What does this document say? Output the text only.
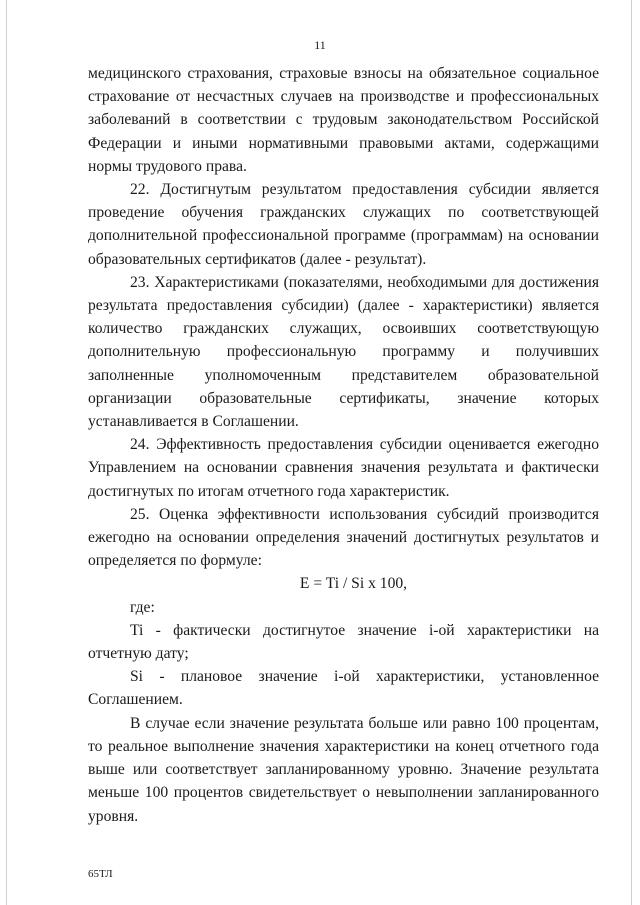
11

медицинского страхования, страховые взносы на обязательное социальное страхование от несчастных случаев на производстве и профессиональных заболеваний в соответствии с трудовым законодательством Российской Федерации и иными нормативными правовыми актами, содержащими нормы трудового права.

22. Достигнутым результатом предоставления субсидии является проведение обучения гражданских служащих по соответствующей дополнительной профессиональной программе (программам) на основании образовательных сертификатов (далее - результат).

23. Характеристиками (показателями, необходимыми для достижения результата предоставления субсидии) (далее - характеристики) является количество гражданских служащих, освоивших соответствующую дополнительную профессиональную программу и получивших заполненные уполномоченным представителем образовательной организации образовательные сертификаты, значение которых устанавливается в Соглашении.

24. Эффективность предоставления субсидии оценивается ежегодно Управлением на основании сравнения значения результата и фактически достигнутых по итогам отчетного года характеристик.

25. Оценка эффективности использования субсидий производится ежегодно на основании определения значений достигнутых результатов и определяется по формуле:

E = Ti / Si x 100,

где:

Ti - фактически достигнутое значение i-ой характеристики на отчетную дату;

Si - плановое значение i-ой характеристики, установленное Соглашением.

В случае если значение результата больше или равно 100 процентам, то реальное выполнение значения характеристики на конец отчетного года выше или соответствует запланированному уровню. Значение результата меньше 100 процентов свидетельствует о невыполнении запланированного уровня.

65ТЛ
